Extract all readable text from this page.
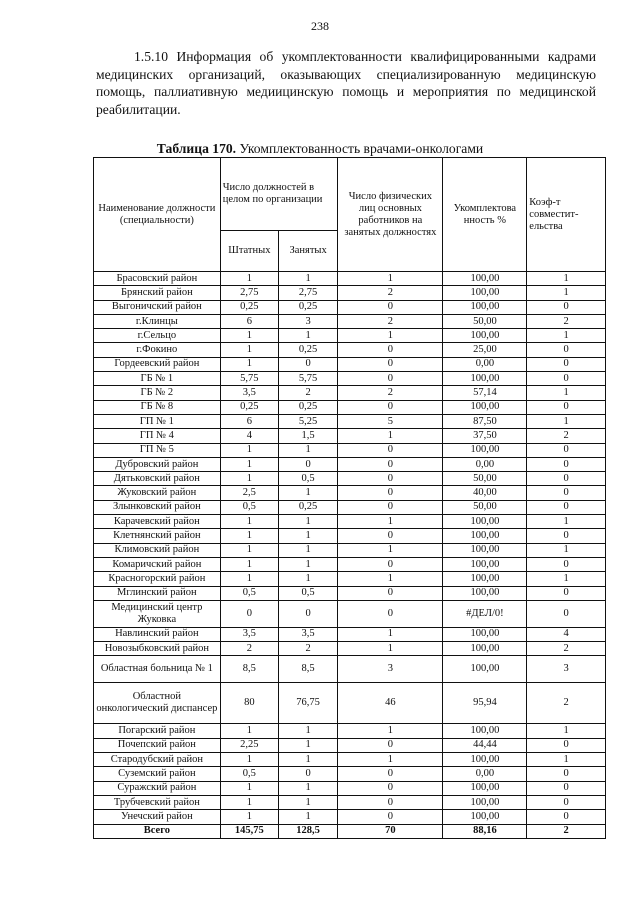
238
1.5.10 Информация об укомплектованности квалифицированными кадрами медицинских организаций, оказывающих специализированную медицинскую помощь, паллиативную медиицинскую помощь и мероприятия по медицинской реабилитации.
Таблица 170. Укомплектованность врачами-онкологами
Наименование должности (специальности)	Число должностей в целом по организации		Число физических лиц основных работников на занятых должностях	Укомплектова нность %	Коэф-т совместит-ельства

	Штатных	Занятых			
Брасовский район	1	1	1	100,00	1
Брянский район	2,75	2,75	2	100,00	1
Выгоничский район	0,25	0,25	0	100,00	0
г.Клинцы	6	3	2	50,00	2
г.Сельцо	1	1	1	100,00	1
г.Фокино	1	0,25	0	25,00	0
Гордеевский район	1	0	0	0,00	0
ГБ № 1	5,75	5,75	0	100,00	0
ГБ № 2	3,5	2	2	57,14	1
ГБ № 8	0,25	0,25	0	100,00	0
ГП № 1	6	5,25	5	87,50	1
ГП № 4	4	1,5	1	37,50	2
ГП № 5	1	1	0	100,00	0
Дубровский район	1	0	0	0,00	0
Дятьковский район	1	0,5	0	50,00	0
Жуковский район	2,5	1	0	40,00	0
Злынковский район	0,5	0,25	0	50,00	0
Карачевский район	1	1	1	100,00	1
Клетнянский район	1	1	0	100,00	0
Климовский район	1	1	1	100,00	1
Комаричский район	1	1	0	100,00	0
Красногорский район	1	1	1	100,00	1
Мглинский район	0,5	0,5	0	100,00	0
Медицинский центр Жуковка	0	0	0	#ДЕЛ/0!	0
Навлинский район	3,5	3,5	1	100,00	4
Новозыбковский район	2	2	1	100,00	2
Областная больница № 1	8,5	8,5	3	100,00	3
Областной онкологический диспансер	80	76,75	46	95,94	2
Погарский район	1	1	1	100,00	1
Почепский район	2,25	1	0	44,44	0
Стародубский район	1	1	1	100,00	1
Суземский район	0,5	0	0	0,00	0
Суражский район	1	1	0	100,00	0
Трубчевский район	1	1	0	100,00	0
Унечский район	1	1	0	100,00	0
Всего	145,75	128,5	70	88,16	2
